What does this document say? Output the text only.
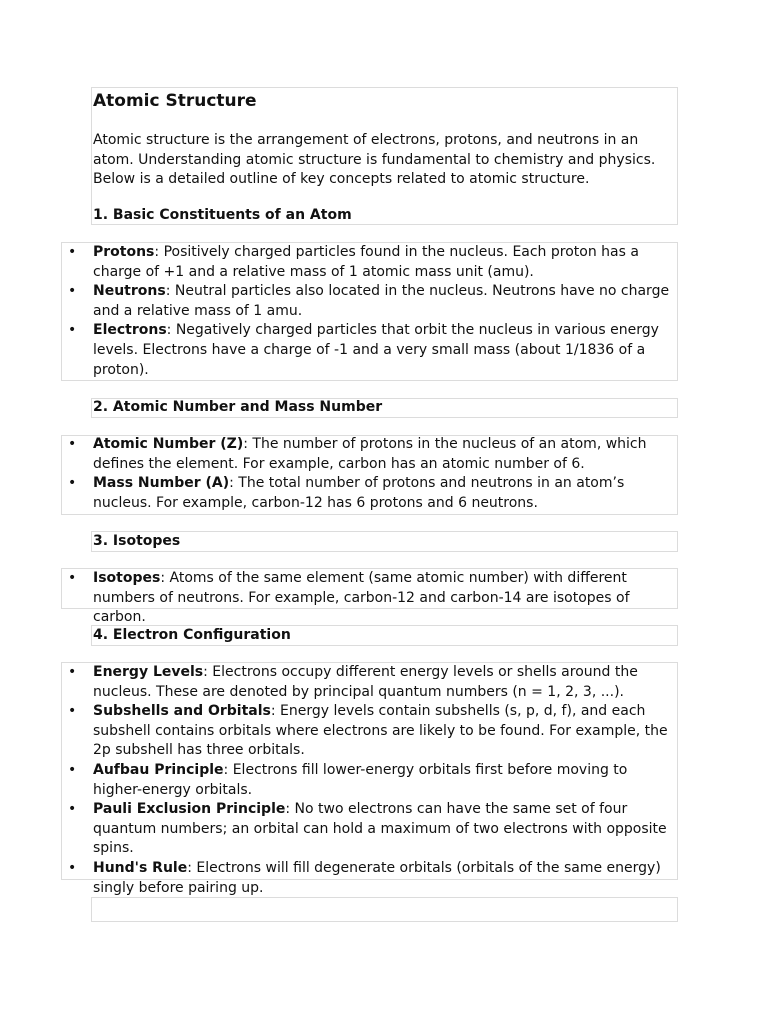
Atomic Structure

Atomic structure is the arrangement of electrons, protons, and neutrons in an atom. Understanding atomic structure is fundamental to chemistry and physics. Below is a detailed outline of key concepts related to atomic structure.

1. Basic Constituents of an Atom

• Protons: Positively charged particles found in the nucleus. Each proton has a charge of +1 and a relative mass of 1 atomic mass unit (amu).
• Neutrons: Neutral particles also located in the nucleus. Neutrons have no charge and a relative mass of 1 amu.
• Electrons: Negatively charged particles that orbit the nucleus in various energy levels. Electrons have a charge of -1 and a very small mass (about 1/1836 of a proton).

2. Atomic Number and Mass Number

• Atomic Number (Z): The number of protons in the nucleus of an atom, which defines the element. For example, carbon has an atomic number of 6.
• Mass Number (A): The total number of protons and neutrons in an atom’s nucleus. For example, carbon-12 has 6 protons and 6 neutrons.

3. Isotopes

• Isotopes: Atoms of the same element (same atomic number) with different numbers of neutrons. For example, carbon-12 and carbon-14 are isotopes of carbon.

4. Electron Configuration

• Energy Levels: Electrons occupy different energy levels or shells around the nucleus. These are denoted by principal quantum numbers (n = 1, 2, 3, ...).
• Subshells and Orbitals: Energy levels contain subshells (s, p, d, f), and each subshell contains orbitals where electrons are likely to be found. For example, the 2p subshell has three orbitals.
• Aufbau Principle: Electrons fill lower-energy orbitals first before moving to higher-energy orbitals.
• Pauli Exclusion Principle: No two electrons can have the same set of four quantum numbers; an orbital can hold a maximum of two electrons with opposite spins.
• Hund's Rule: Electrons will fill degenerate orbitals (orbitals of the same energy) singly before pairing up.
